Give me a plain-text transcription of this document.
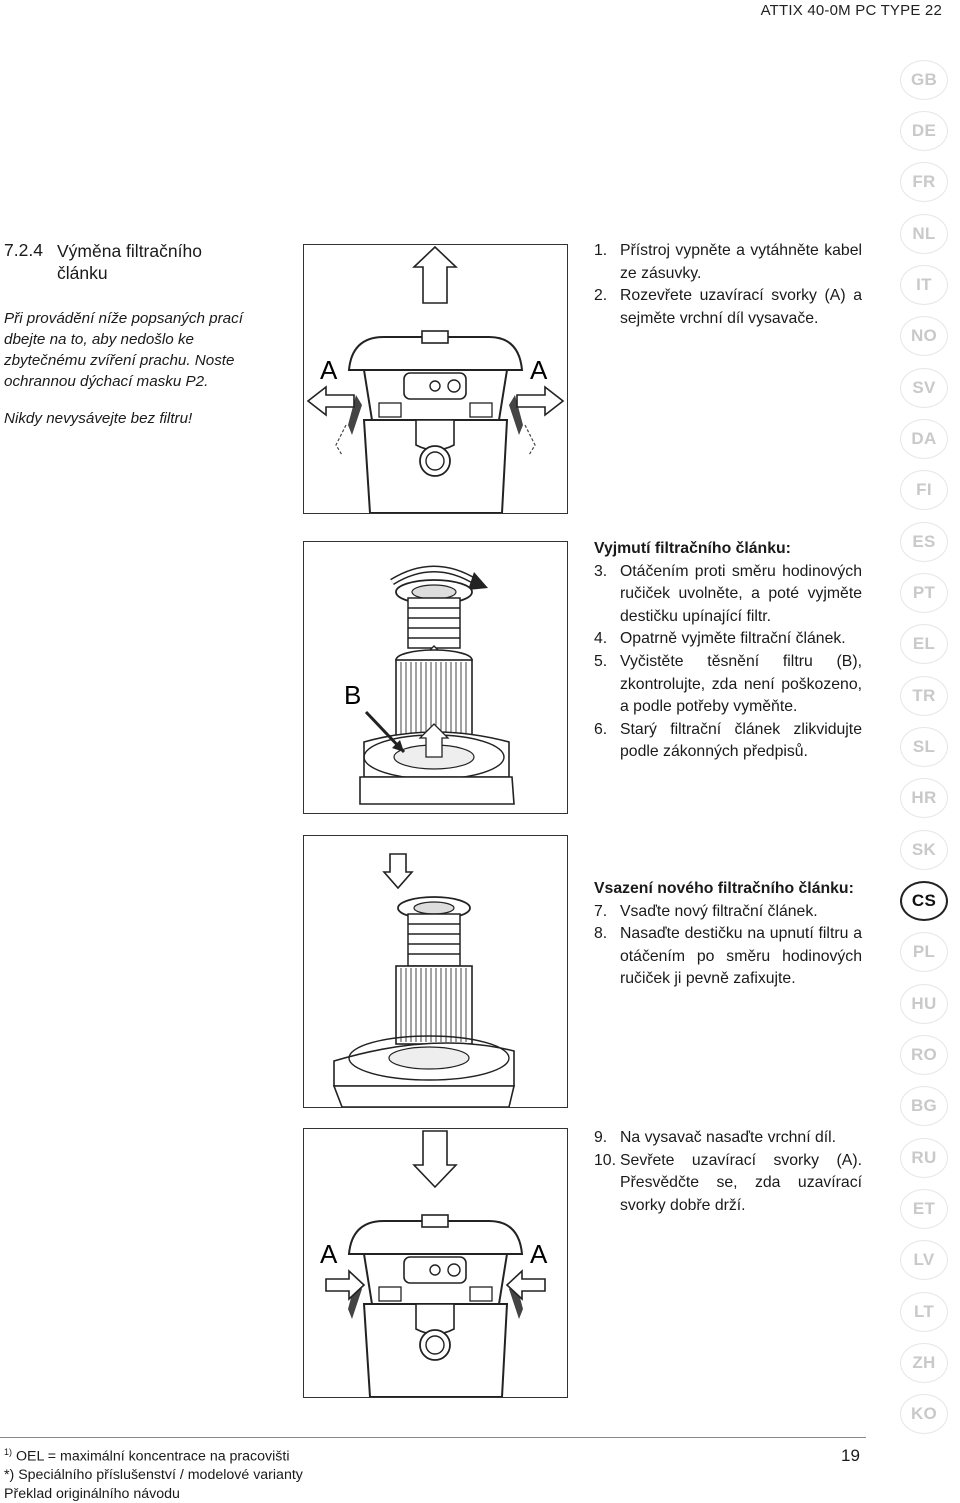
ATTIX 40-0M PC TYPE 22
7.2.4 Výměna filtračního článku
Při provádění níže popsaných prací dbejte na to, aby nedošlo ke zbytečnému zvíření prachu. Noste ochrannou dýchací masku P2.
Nikdy nevysávejte bez filtru!
A	A
B
A	A
1. Přístroj vypněte a vytáhněte kabel ze zásuvky.
2. Rozevřete uzavírací svorky (A) a sejměte vrchní díl vysavače.

Vyjmutí filtračního článku:

3. Otáčením proti směru hodinových ručiček uvolněte, a poté vyjměte destičku upínající filtr.
4. Opatrně vyjměte filtrační článek.
5. Vyčistěte těsnění filtru (B), zkontrolujte, zda není poškozeno, a podle potřeby vyměňte.
6. Starý filtrační článek zlikvidujte podle zákonných předpisů.

Vsazení nového filtračního článku:

7. Vsaďte nový filtrační článek.
8. Nasaďte destičku na upnutí filtru a otáčením po směru hodinových ručiček ji pevně zafixujte.
9. Na vysavač nasaďte vrchní díl.
10. Sevřete uzavírací svorky (A). Přesvědčte se, zda uzavírací svorky dobře drží.
GB
DE
FR
NL
IT
NO
SV
DA
FI
ES
PT
EL
TR
SL
HR
SK
CS
PL
HU
RO
BG
RU
ET
LV
LT
ZH
KO
$^{1)}$ OEL = maximální koncentrace na pracovišti
*) Speciálního příslušenství / modelové varianty
Překlad originálního návodu
19
